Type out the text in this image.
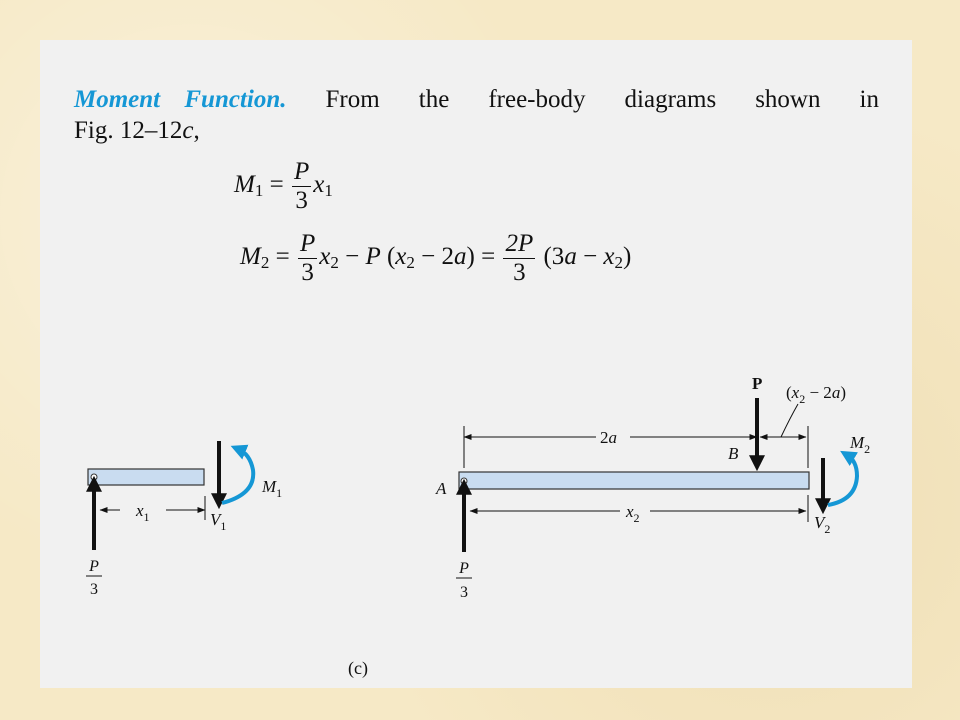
Moment Function. From the free-body diagrams shown in
Fig. 12–12c,
$M_1 = \frac{P}{3} x_1$
$M_2 = \frac{P}{3} x_2 - P$ $(x_2 - 2a) = \frac{2P}{3} (3a - x_2)$
$x_1$	$V_1$
$M_1$
P
3
A
P
3
P
B
2a
$(x_2 - 2a)$
$x_2$	$V_2$
$M_2$
(c)
